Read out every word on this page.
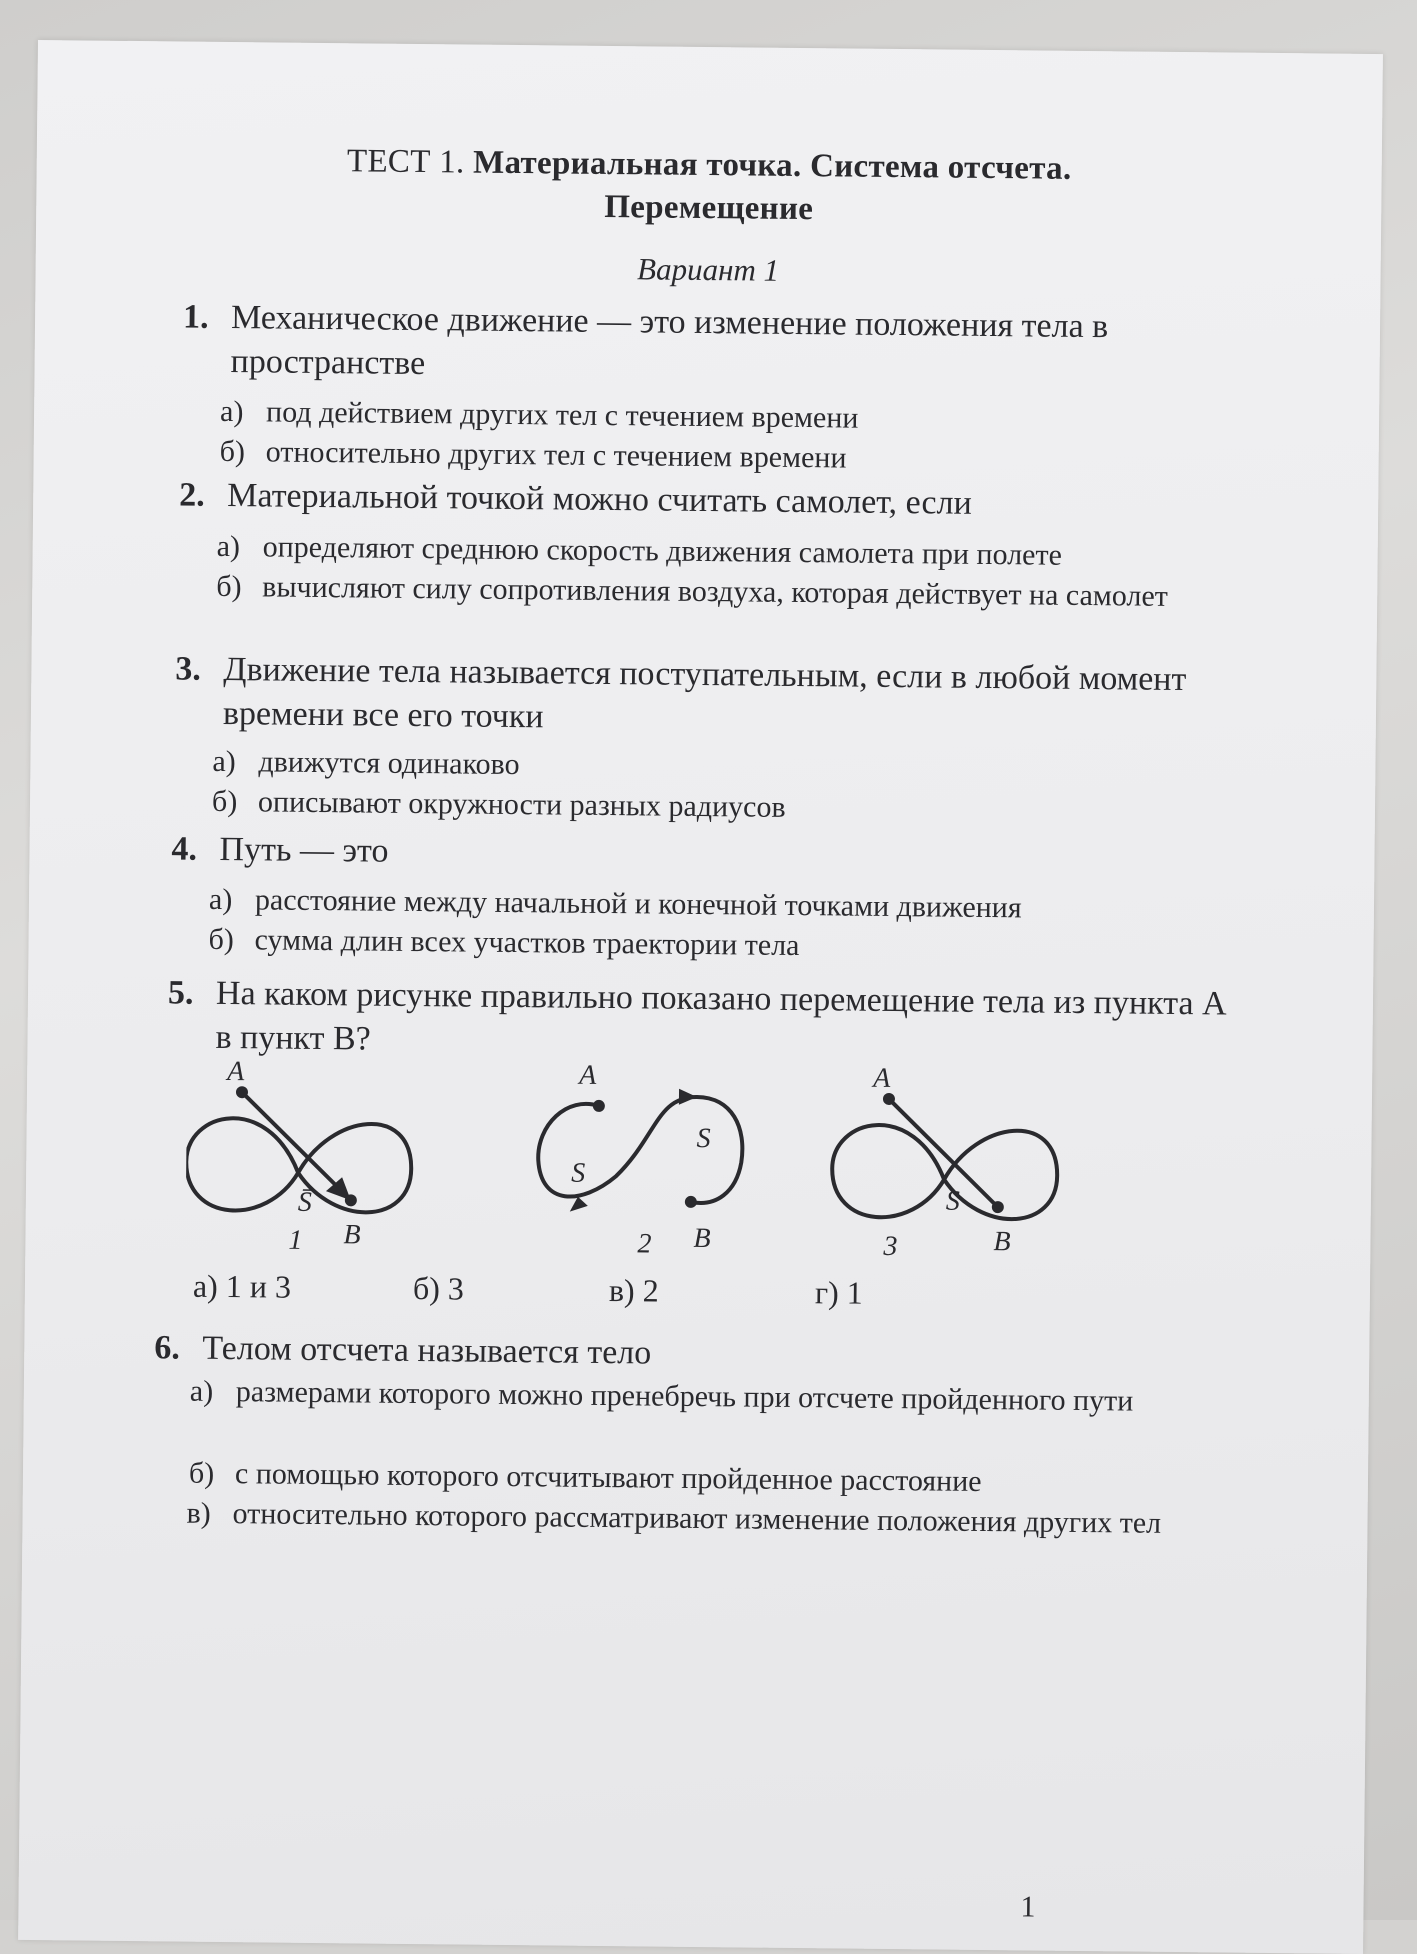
ТЕСТ 1. Материальная точка. Система отсчета.
Перемещение
Вариант 1
1. Механическое движение — это изменение положения тела в пространстве
а) под действием других тел с течением времени
б) относительно других тел с течением времени
2. Материальной точкой можно считать самолет, если
а) определяют среднюю скорость движения самолета при полете
б) вычисляют силу сопротивления воздуха, которая действует на самолет
3. Движение тела называется поступательным, если в любой момент времени все его точки
а) движутся одинаково
б) описывают окружности разных радиусов
4. Путь — это
а) расстояние между начальной и конечной точками движения
б) сумма длин всех участков траектории тела
5. На каком рисунке правильно показано перемещение тела из пункта A в пункт B?
A
B
S̄
A
B
S
S
A
B
S
1	2	3
а) 1 и 3	б) 3	в) 2	г) 1
6. Телом отсчета называется тело
а) размерами которого можно пренебречь при отсчете пройденного пути
б) с помощью которого отсчитывают пройденное расстояние
в) относительно которого рассматривают изменение положения других тел
1
